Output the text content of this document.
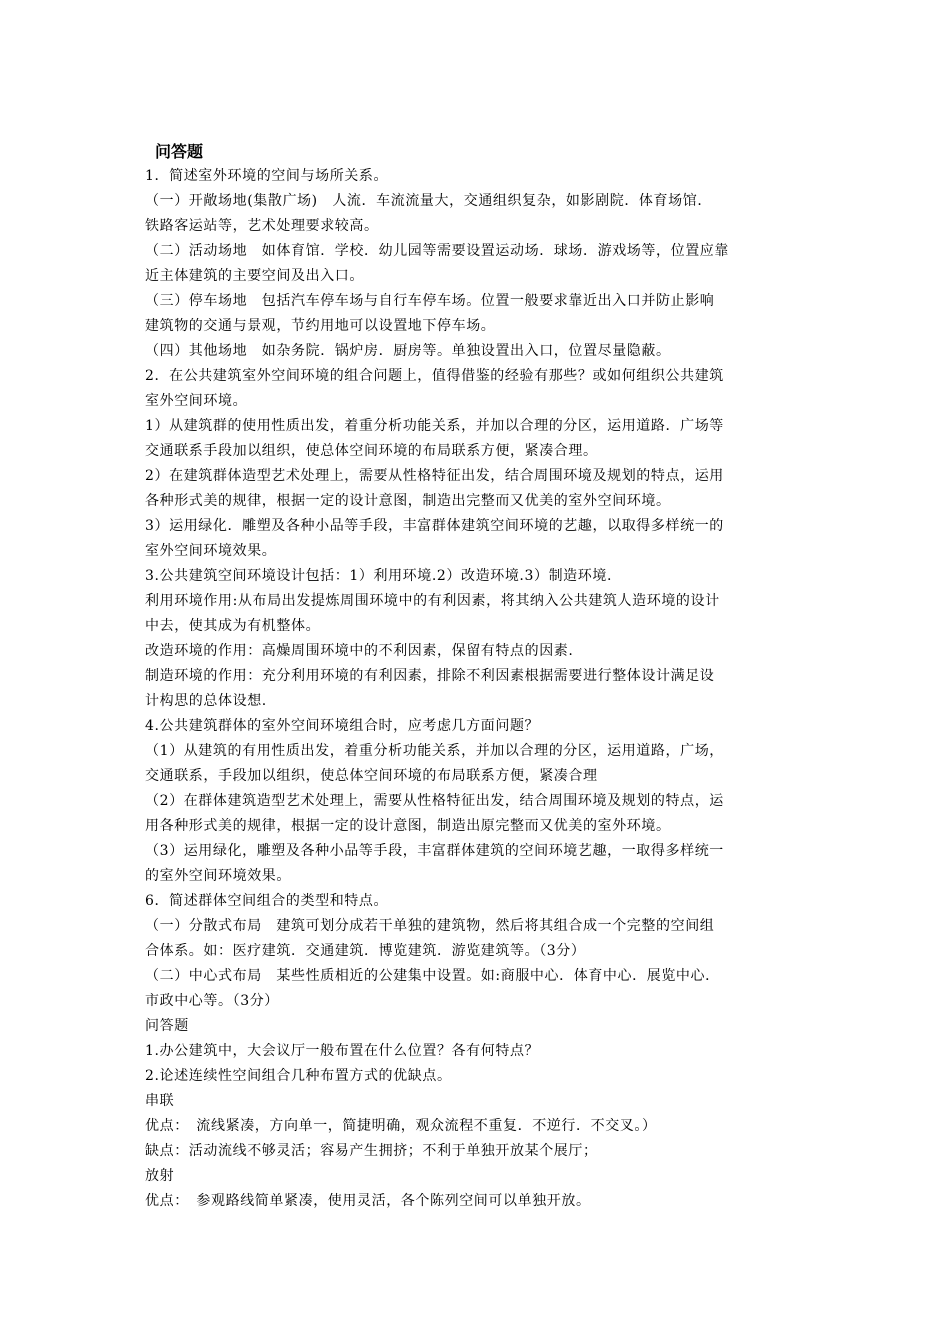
问答题
1．简述室外环境的空间与场所关系。
（一）开敞场地(集散广场)　人流．车流流量大，交通组织复杂，如影剧院．体育场馆．
铁路客运站等，艺术处理要求较高。
（二）活动场地　如体育馆．学校．幼儿园等需要设置运动场．球场．游戏场等，位置应靠
近主体建筑的主要空间及出入口。
（三）停车场地　包括汽车停车场与自行车停车场。位置一般要求靠近出入口并防止影响
建筑物的交通与景观，节约用地可以设置地下停车场。
（四）其他场地　如杂务院．锅炉房．厨房等。单独设置出入口，位置尽量隐蔽。
2．在公共建筑室外空间环境的组合问题上，值得借鉴的经验有那些？或如何组织公共建筑
室外空间环境。
1）从建筑群的使用性质出发，着重分析功能关系，并加以合理的分区，运用道路．广场等
交通联系手段加以组织，使总体空间环境的布局联系方便，紧凑合理。
2）在建筑群体造型艺术处理上，需要从性格特征出发，结合周围环境及规划的特点，运用
各种形式美的规律，根据一定的设计意图，制造出完整而又优美的室外空间环境。
3）运用绿化．雕塑及各种小品等手段，丰富群体建筑空间环境的艺趣，以取得多样统一的
室外空间环境效果。
3.公共建筑空间环境设计包括：1）利用环境.2）改造环境.3）制造环境.
利用环境作用:从布局出发提炼周围环境中的有利因素，将其纳入公共建筑人造环境的设计
中去，使其成为有机整体。
改造环境的作用：高燥周围环境中的不利因素，保留有特点的因素.
制造环境的作用：充分利用环境的有利因素，排除不利因素根据需要进行整体设计满足设
计构思的总体设想.
4.公共建筑群体的室外空间环境组合时，应考虑几方面问题？
（1）从建筑的有用性质出发，着重分析功能关系，并加以合理的分区，运用道路，广场，
交通联系，手段加以组织，使总体空间环境的布局联系方便，紧凑合理
（2）在群体建筑造型艺术处理上，需要从性格特征出发，结合周围环境及规划的特点，运
用各种形式美的规律，根据一定的设计意图，制造出原完整而又优美的室外环境。
（3）运用绿化，雕塑及各种小品等手段，丰富群体建筑的空间环境艺趣，一取得多样统一
的室外空间环境效果。
6．简述群体空间组合的类型和特点。
（一）分散式布局　建筑可划分成若干单独的建筑物，然后将其组合成一个完整的空间组
合体系。如：医疗建筑．交通建筑．博览建筑．游览建筑等。（3分）
（二）中心式布局　某些性质相近的公建集中设置。如:商服中心．体育中心．展览中心．
市政中心等。（3分）
问答题
1.办公建筑中，大会议厅一般布置在什么位置？各有何特点？
2.论述连续性空间组合几种布置方式的优缺点。
串联
优点：　流线紧凑，方向单一，简捷明确，观众流程不重复．不逆行．不交叉。）
缺点：活动流线不够灵活；容易产生拥挤；不利于单独开放某个展厅；
放射
优点：　参观路线简单紧凑，使用灵活，各个陈列空间可以单独开放。
